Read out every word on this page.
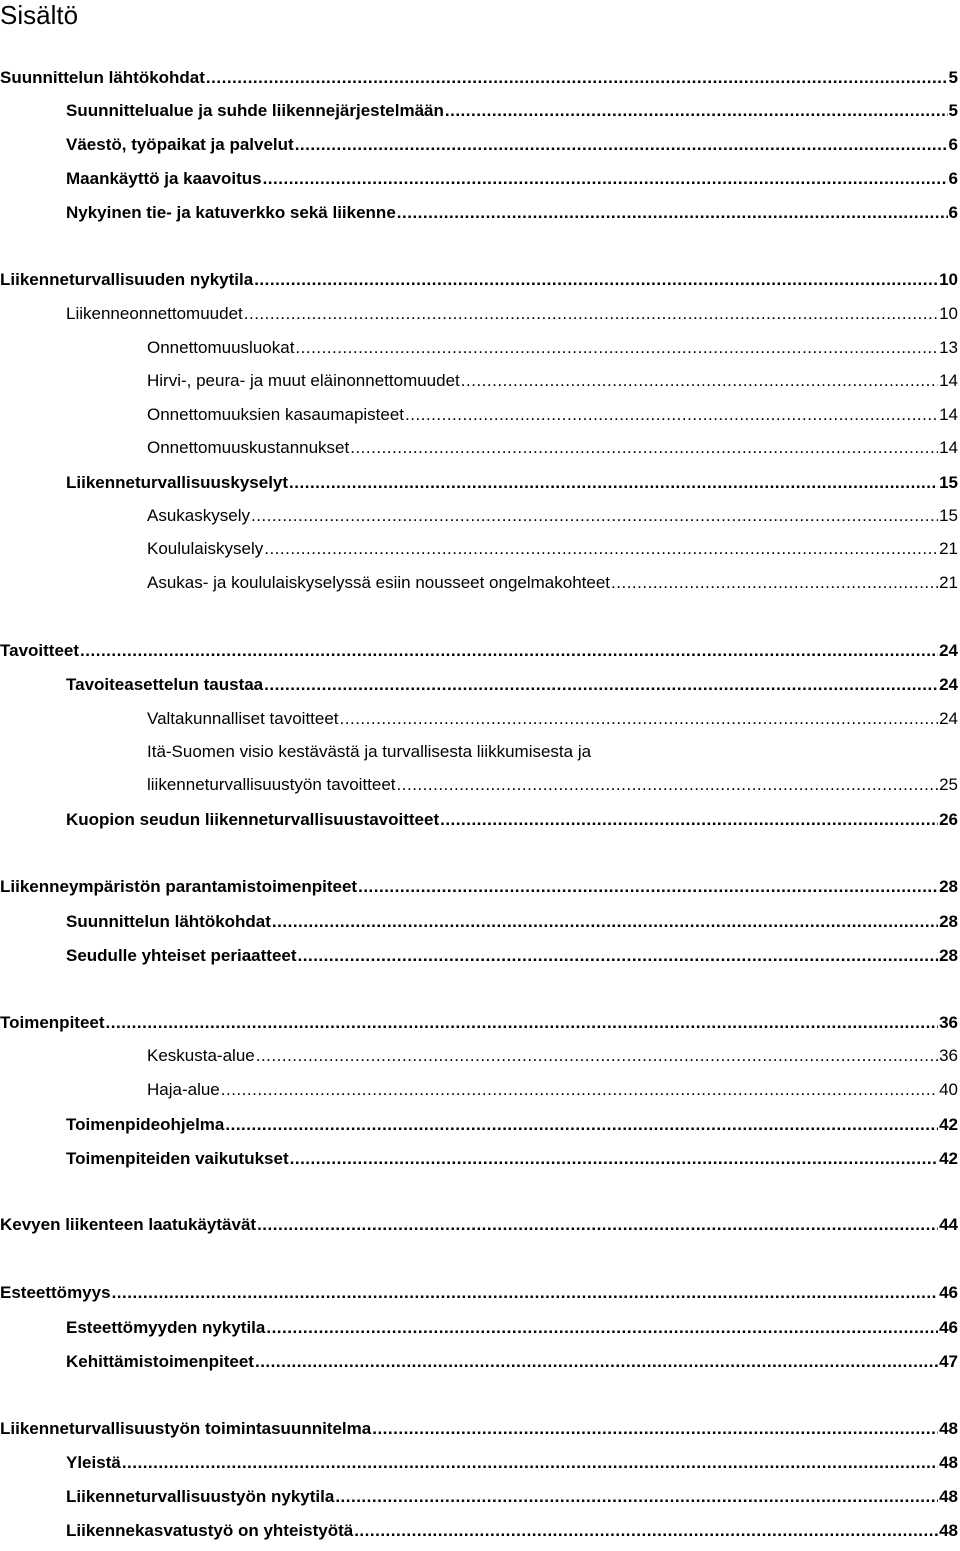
Sisältö
Suunnittelun lähtökohdat .....	5
Suunnittelualue ja suhde liikennejärjestelmään .....	5
Väestö, työpaikat ja palvelut .....	6
Maankäyttö ja kaavoitus .....	6
Nykyinen tie- ja katuverkko sekä liikenne .....	6
Liikenneturvallisuuden nykytila .....	10
Liikenneonnettomuudet .....	10
Onnettomuusluokat .....	13
Hirvi-, peura- ja muut eläinonnettomuudet .....	14
Onnettomuuksien kasaumapisteet .....	14
Onnettomuuskustannukset .....	14
Liikenneturvallisuuskyselyt .....	15
Asukaskysely .....	15
Koululaiskysely .....	21
Asukas- ja koululaiskyselyssä esiin nousseet ongelmakohteet .....	21
Tavoitteet .....	24
Tavoiteasettelun taustaa .....	24
Valtakunnalliset tavoitteet .....	24
Itä-Suomen visio kestävästä ja turvallisesta liikkumisesta ja
liikenneturvallisuustyön tavoitteet .....	25
Kuopion seudun liikenneturvallisuustavoitteet .....	26
Liikenneympäristön parantamistoimenpiteet .....	28
Suunnittelun lähtökohdat .....	28
Seudulle yhteiset periaatteet .....	28
Toimenpiteet .....	36
Keskusta-alue .....	36
Haja-alue .....	40
Toimenpideohjelma .....	42
Toimenpiteiden vaikutukset .....	42
Kevyen liikenteen laatukäytävät .....	44
Esteettömyys .....	46
Esteettömyyden nykytila .....	46
Kehittämistoimenpiteet .....	47
Liikenneturvallisuustyön toimintasuunnitelma .....	48
Yleistä .....	48
Liikenneturvallisuustyön nykytila .....	48
Liikennekasvatustyö on yhteistyötä .....	48
